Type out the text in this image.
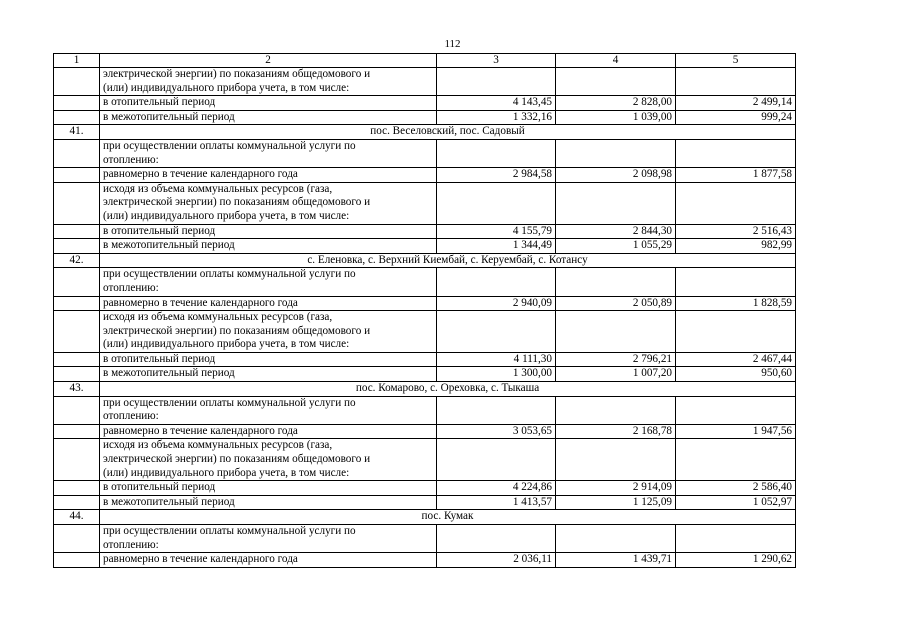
112
1	2	3	4	5

	электрической энергии) по показаниям общедомового и
(или) индивидуального прибора учета, в том числе:			

	в отопительный период	4 143,45	2 828,00	2 499,14
	в межотопительный период	1 332,16	1 039,00	999,24
41.	пос. Веселовский, пос. Садовый			

	при осуществлении оплаты коммунальной услуги по
отоплению:			

	равномерно в течение календарного года	2 984,58	2 098,98	1 877,58

	исходя из объема коммунальных ресурсов (газа,
электрической энергии) по показаниям общедомового и
(или) индивидуального прибора учета, в том числе:			

	в отопительный период	4 155,79	2 844,30	2 516,43
	в межотопительный период	1 344,49	1 055,29	982,99
42.	с. Еленовка, с. Верхний Киембай, с. Керуембай, с. Котансу			

	при осуществлении оплаты коммунальной услуги по
отоплению:			

	равномерно в течение календарного года	2 940,09	2 050,89	1 828,59

	исходя из объема коммунальных ресурсов (газа,
электрической энергии) по показаниям общедомового и
(или) индивидуального прибора учета, в том числе:			

	в отопительный период	4 111,30	2 796,21	2 467,44
	в межотопительный период	1 300,00	1 007,20	950,60
43.	пос. Комарово, с. Ореховка, с. Тыкаша			

	при осуществлении оплаты коммунальной услуги по
отоплению:			

	равномерно в течение календарного года	3 053,65	2 168,78	1 947,56

	исходя из объема коммунальных ресурсов (газа,
электрической энергии) по показаниям общедомового и
(или) индивидуального прибора учета, в том числе:			

	в отопительный период	4 224,86	2 914,09	2 586,40
	в межотопительный период	1 413,57	1 125,09	1 052,97
44.	пос. Кумак			

	при осуществлении оплаты коммунальной услуги по
отоплению:			

	равномерно в течение календарного года	2 036,11	1 439,71	1 290,62
